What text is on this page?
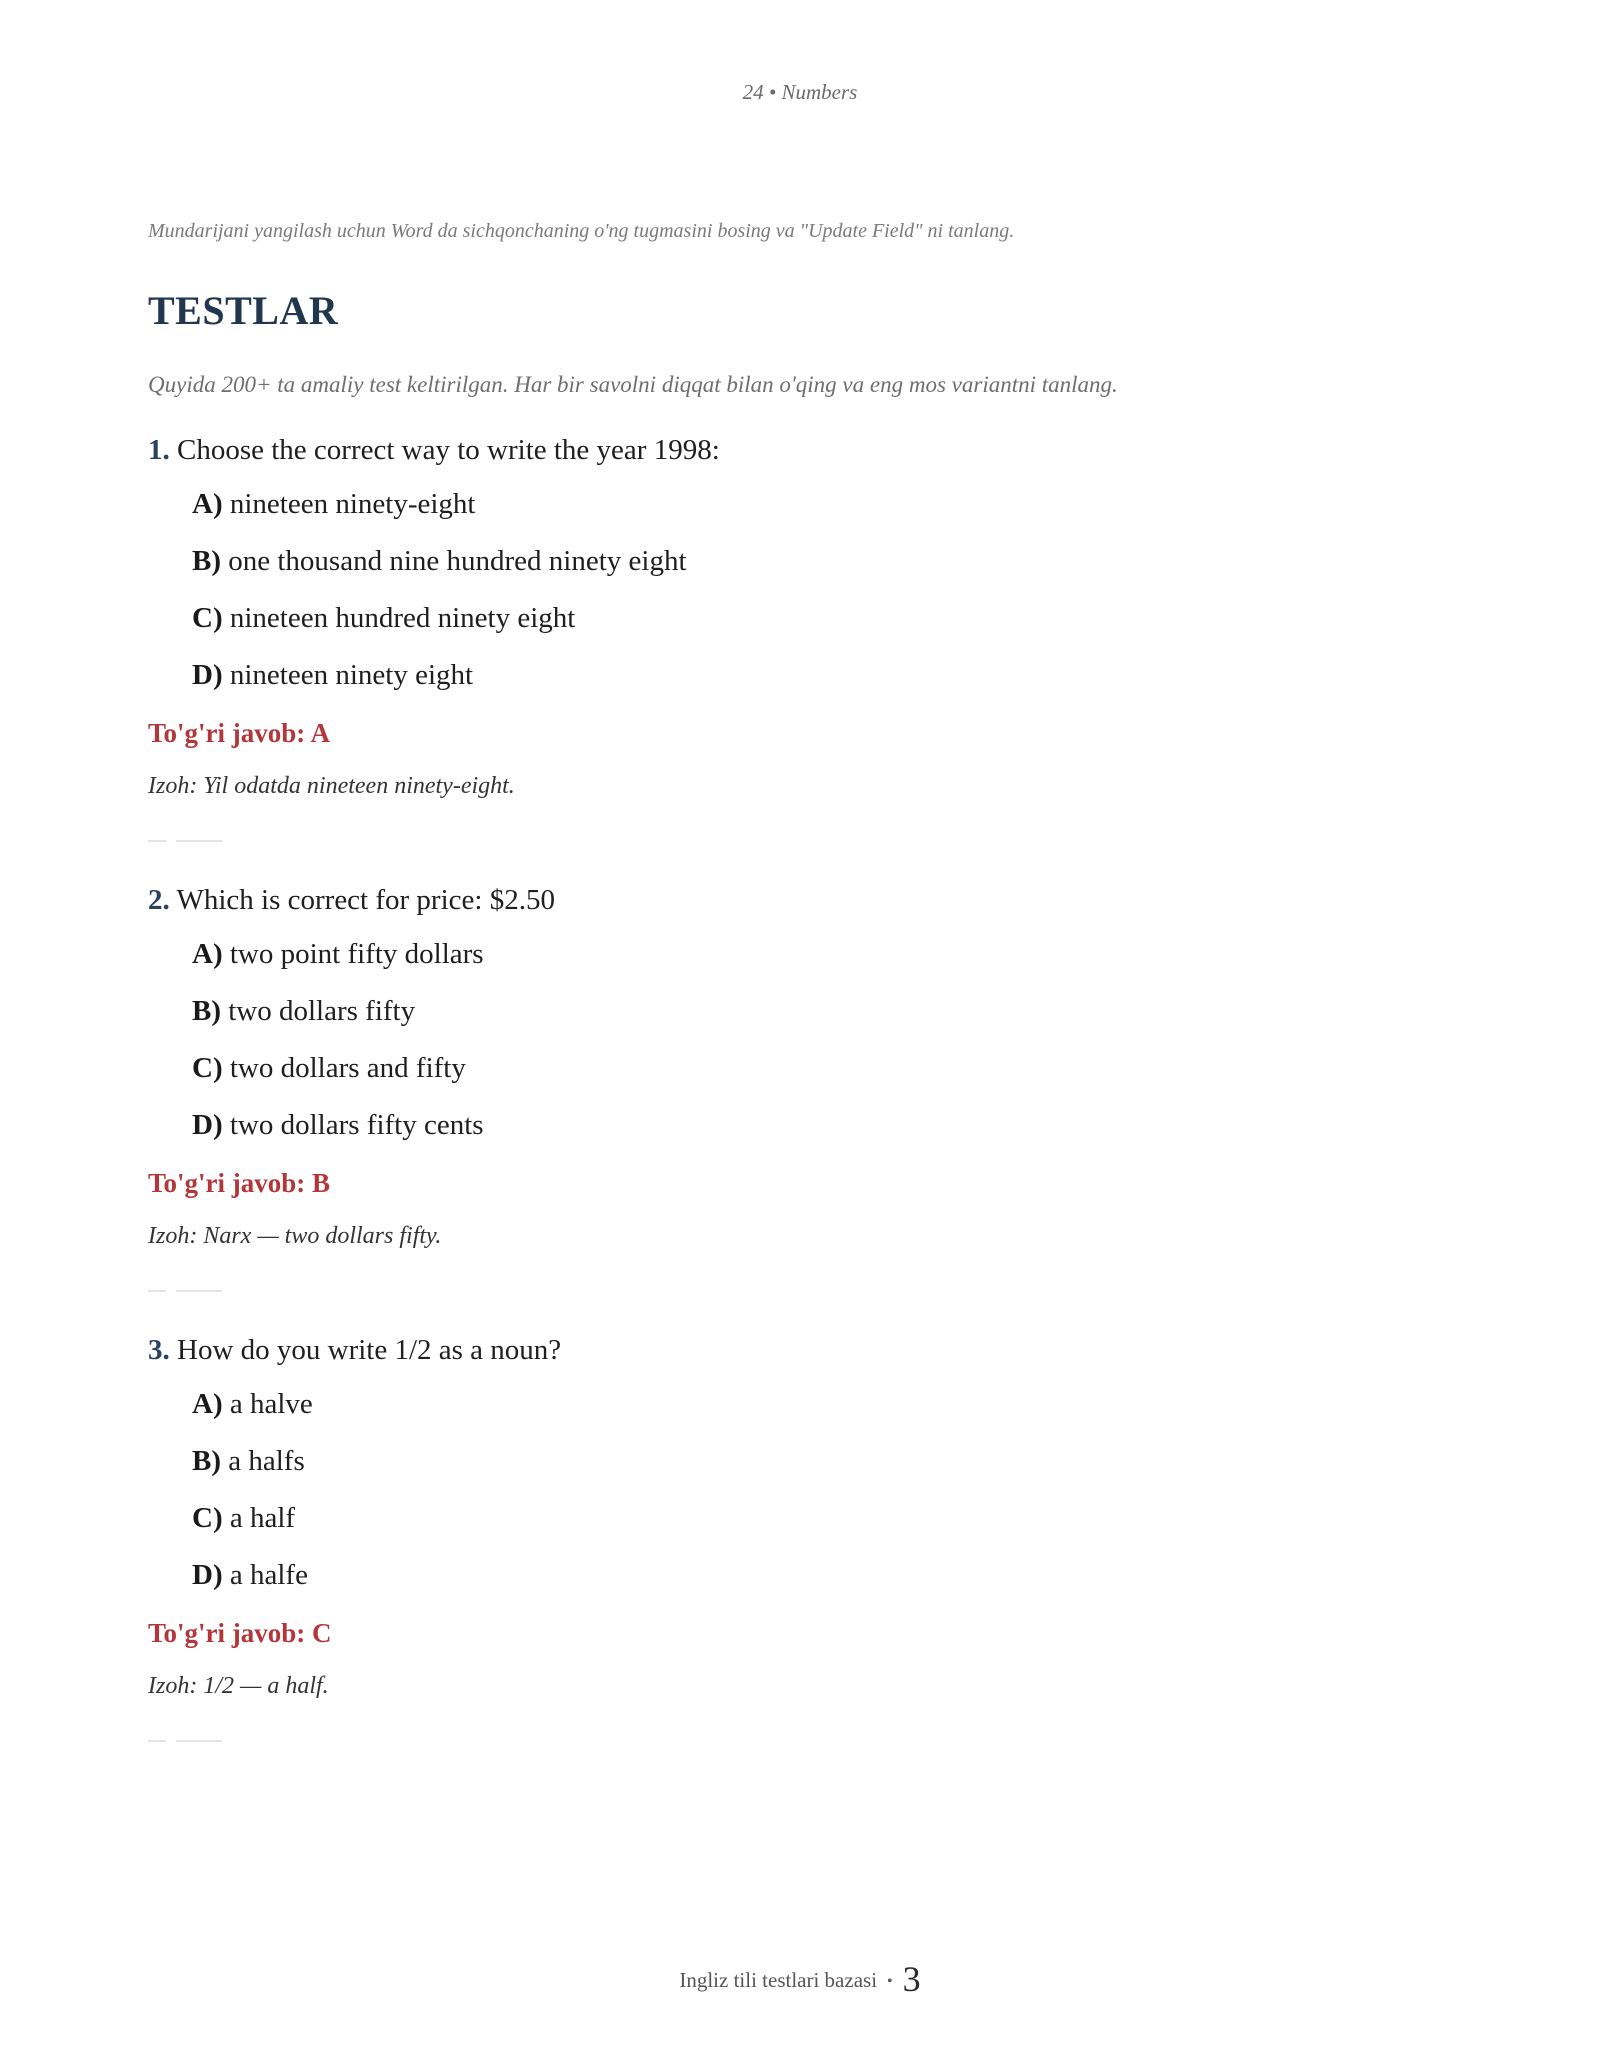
24 • Numbers

Mundarijani yangilash uchun Word da sichqonchaning o'ng tugmasini bosing va "Update Field" ni tanlang.

TESTLAR

Quyida 200+ ta amaliy test keltirilgan. Har bir savolni diqqat bilan o'qing va eng mos variantni tanlang.

1. Choose the correct way to write the year 1998:

A) nineteen ninety-eight
B) one thousand nine hundred ninety eight
C) nineteen hundred ninety eight
D) nineteen ninety eight

To'g'ri javob: A

Izoh: Yil odatda nineteen ninety-eight.

2. Which is correct for price: $2.50

A) two point fifty dollars
B) two dollars fifty
C) two dollars and fifty
D) two dollars fifty cents

To'g'ri javob: B

Izoh: Narx — two dollars fifty.

3. How do you write 1/2 as a noun?

A) a halve
B) a halfs
C) a half
D) a halfe

To'g'ri javob: C

Izoh: 1/2 — a half.

Ingliz tili testlari bazasi • 3
